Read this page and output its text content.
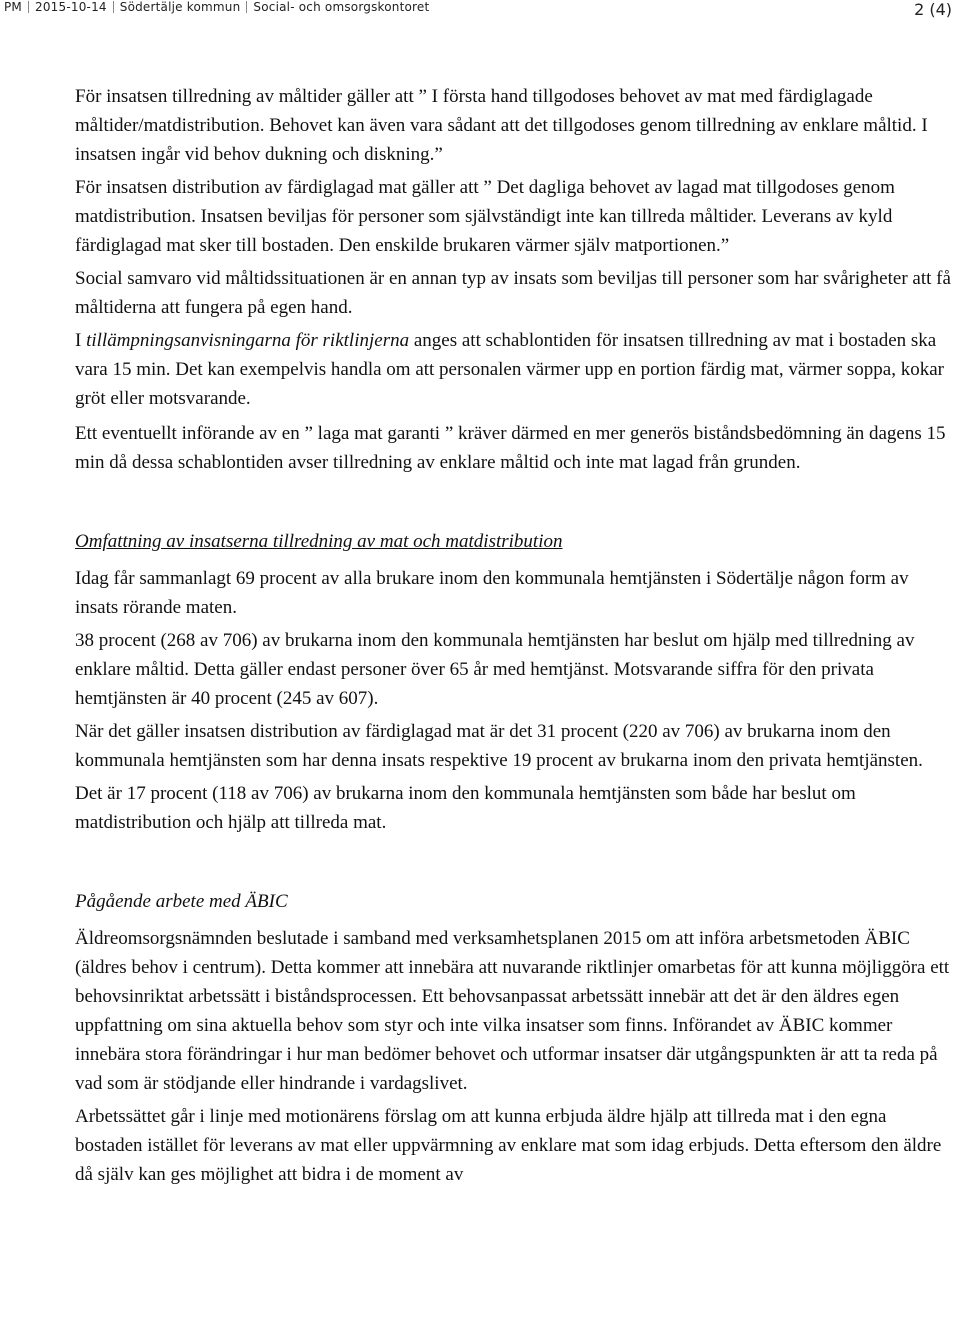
PM 2015-10-14 Södertälje kommun Social- och omsorgskontoret	2 (4)

För insatsen tillredning av måltider gäller att ” I första hand tillgodoses behovet av mat med färdiglagade måltider/matdistribution. Behovet kan även vara sådant att det tillgodoses genom tillredning av enklare måltid. I insatsen ingår vid behov dukning och diskning.”

För insatsen distribution av färdiglagad mat gäller att ” Det dagliga behovet av lagad mat tillgodoses genom matdistribution. Insatsen beviljas för personer som självständigt inte kan tillreda måltider. Leverans av kyld färdiglagad mat sker till bostaden. Den enskilde brukaren värmer själv matportionen.”

Social samvaro vid måltidssituationen är en annan typ av insats som beviljas till personer som har svårigheter att få måltiderna att fungera på egen hand.

I tillämpningsanvisningarna för riktlinjerna anges att schablontiden för insatsen tillredning av mat i bostaden ska vara 15 min. Det kan exempelvis handla om att personalen värmer upp en portion färdig mat, värmer soppa, kokar gröt eller motsvarande.

Ett eventuellt införande av en ” laga mat garanti ” kräver därmed en mer generös biståndsbedömning än dagens 15 min då dessa schablontiden avser tillredning av enklare måltid och inte mat lagad från grunden.

Omfattning av insatserna tillredning av mat och matdistribution

Idag får sammanlagt 69 procent av alla brukare inom den kommunala hemtjänsten i Södertälje någon form av insats rörande maten.

38 procent (268 av 706) av brukarna inom den kommunala hemtjänsten har beslut om hjälp med tillredning av enklare måltid. Detta gäller endast personer över 65 år med hemtjänst. Motsvarande siffra för den privata hemtjänsten är 40 procent (245 av 607).

När det gäller insatsen distribution av färdiglagad mat är det 31 procent (220 av 706) av brukarna inom den kommunala hemtjänsten som har denna insats respektive 19 procent av brukarna inom den privata hemtjänsten.

Det är 17 procent (118 av 706) av brukarna inom den kommunala hemtjänsten som både har beslut om matdistribution och hjälp att tillreda mat.

Pågående arbete med ÄBIC

Äldreomsorgsnämnden beslutade i samband med verksamhetsplanen 2015 om att införa arbetsmetoden ÄBIC (äldres behov i centrum). Detta kommer att innebära att nuvarande riktlinjer omarbetas för att kunna möjliggöra ett behovsinriktat arbetssätt i biståndsprocessen. Ett behovsanpassat arbetssätt innebär att det är den äldres egen uppfattning om sina aktuella behov som styr och inte vilka insatser som finns. Införandet av ÄBIC kommer innebära stora förändringar i hur man bedömer behovet och utformar insatser där utgångspunkten är att ta reda på vad som är stödjande eller hindrande i vardagslivet.

Arbetssättet går i linje med motionärens förslag om att kunna erbjuda äldre hjälp att tillreda mat i den egna bostaden istället för leverans av mat eller uppvärmning av enklare mat som idag erbjuds. Detta eftersom den äldre då själv kan ges möjlighet att bidra i de moment av
